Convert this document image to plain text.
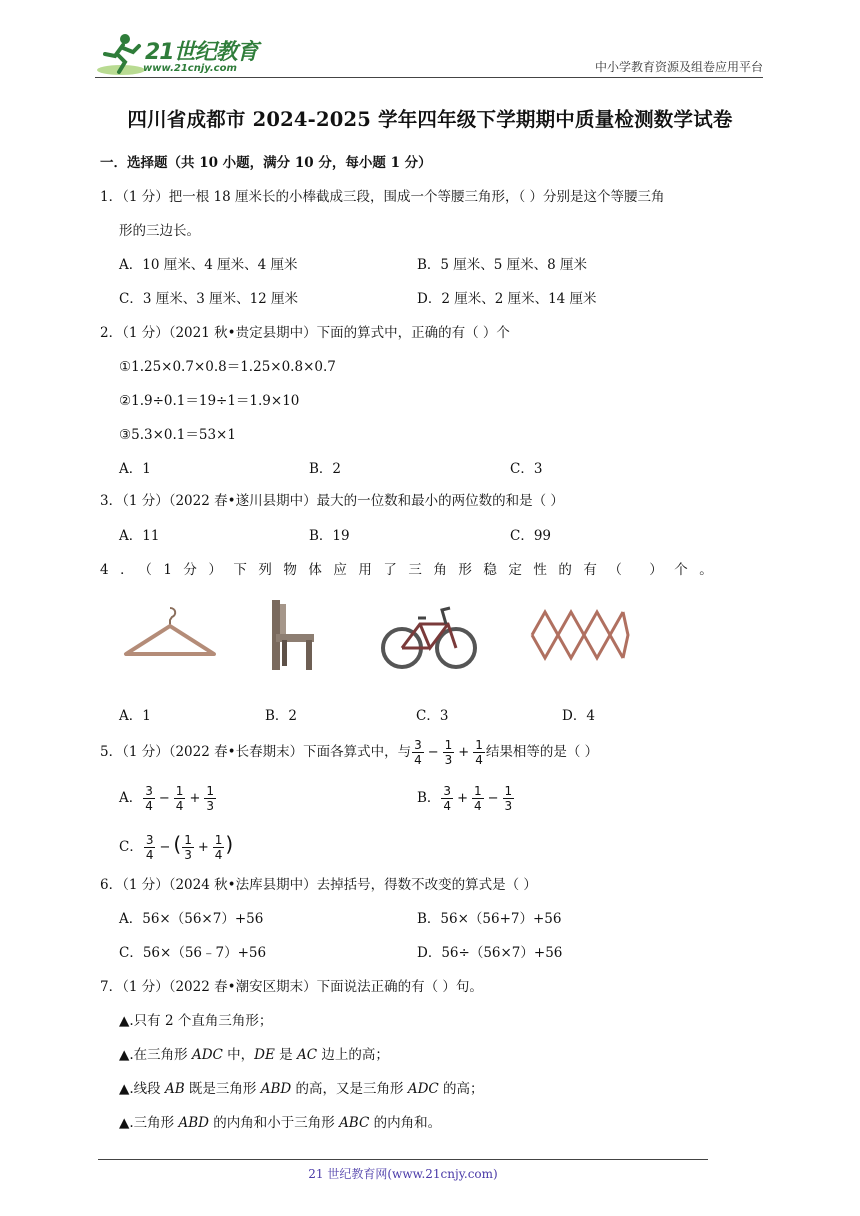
21世纪教育
www.21cnjy.com	中小学教育资源及组卷应用平台
四川省成都市 2024-2025 学年四年级下学期期中质量检测数学试卷
一．选择题（共 10 小题，满分 10 分，每小题 1 分）
1．（1 分）把一根 18 厘米长的小棒截成三段，围成一个等腰三角形，（ ）分别是这个等腰三角
形的三边长。
A．10 厘米、4 厘米、4 厘米	B．5 厘米、5 厘米、8 厘米
C．3 厘米、3 厘米、12 厘米	D．2 厘米、2 厘米、14 厘米
2．（1 分）（2021 秋•贵定县期中）下面的算式中，正确的有（ ）个
①1.25×0.7×0.8＝1.25×0.8×0.7
②1.9÷0.1＝19÷1＝1.9×10
③5.3×0.1＝53×1
A．1	B．2	C．3
3．（1 分）（2022 春•遂川县期中）最大的一位数和最小的两位数的和是（ ）
A．11	B．19	C．99
4．（1分）下列物体应用了三角形稳定性的有（ ）个。
A．1	B．2	C．3	D．4
5．（1 分）（2022 春•长春期末）下面各算式中，与 $\frac{3}{4} - \frac{1}{3} + \frac{1}{4}$ 结果相等的是（ ）
A． $\frac{3}{4} - \frac{1}{4} + \frac{1}{3}$	B． $\frac{3}{4} + \frac{1}{4} - \frac{1}{3}$
C． $\frac{3}{4}$ − ( $\frac{1}{3} + \frac{1}{4}$ )
6．（1 分）（2024 秋•法库县期中）去掉括号，得数不改变的算式是（ ）
A．56×（56×7）+56	B．56×（56+7）+56
C．56×（56﹣7）+56	D．56÷（56×7）+56
7．（1 分）（2022 春•潮安区期末）下面说法正确的有（ ）句。
▲.只有 2 个直角三角形；
▲.在三角形 ADC 中，DE 是 AC 边上的高；
▲.线段 AB 既是三角形 ABD 的高，又是三角形 ADC 的高；
▲.三角形 ABD 的内角和小于三角形 ABC 的内角和。
21 世纪教育网(www.21cnjy.com)
